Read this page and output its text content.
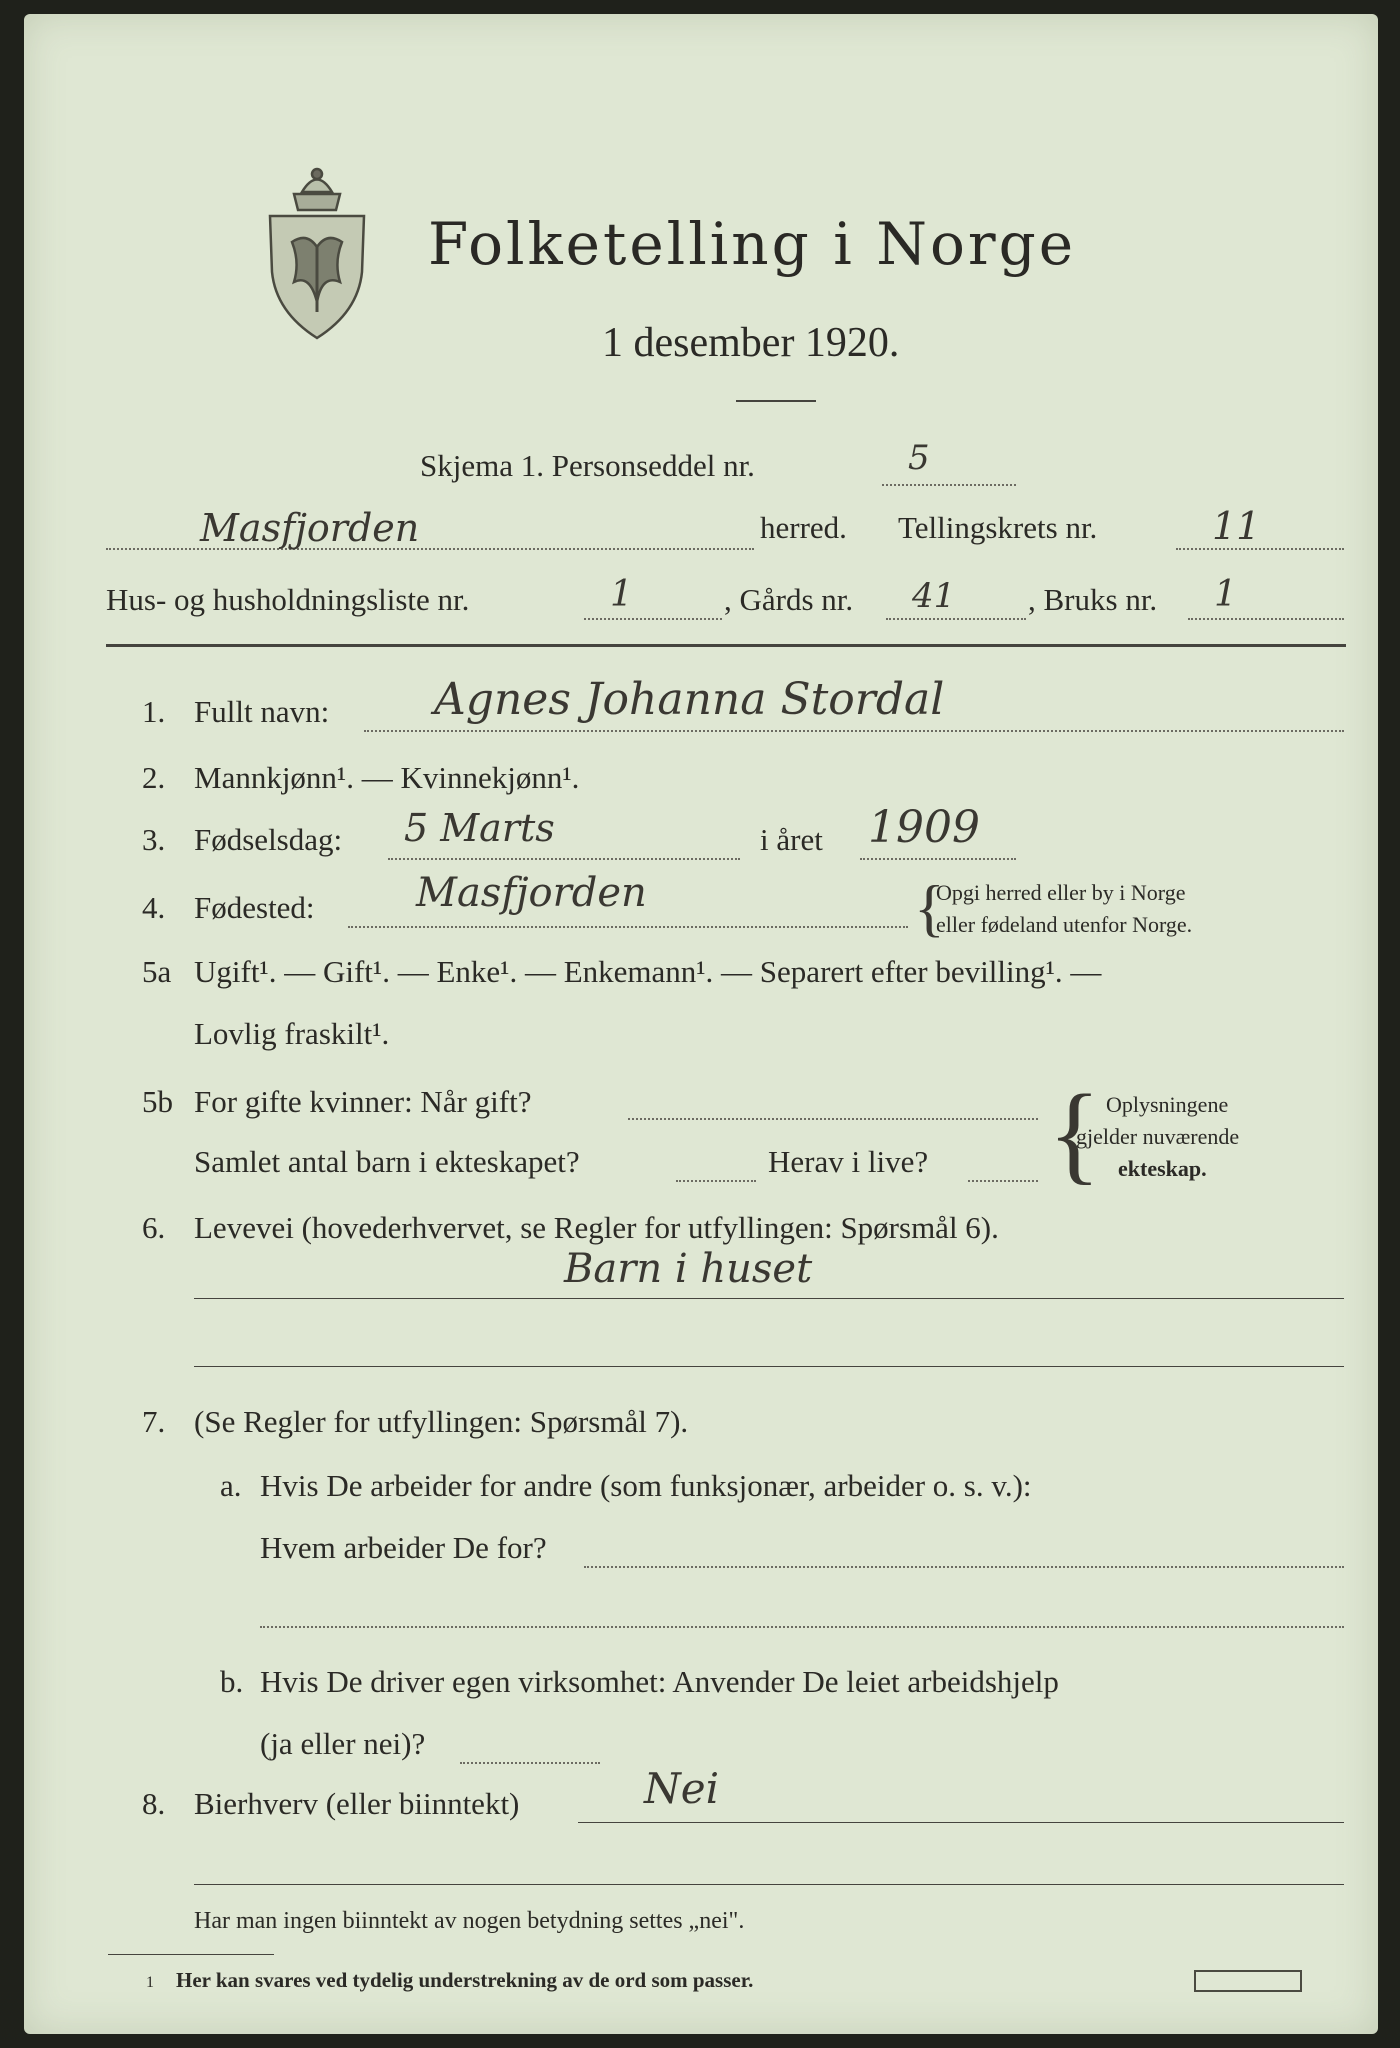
Folketelling i Norge
1 desember 1920.
Skjema 1. Personseddel nr.	5
Masfjorden	herred. Tellingskrets nr.	11
Hus- og husholdningsliste nr.	1	, Gårds nr. 41 , Bruks nr. 1
1. Fullt navn: Agnes Johanna Stordal
2. Mannkjønn¹. — Kvinnekjønn¹.
3. Fødselsdag: 5 Marts	i året 1909
4. Fødested:	Masfjorden	{
Opgi herred eller by i Norge
eller fødeland utenfor Norge.
5a Ugift¹. — Gift¹. — Enke¹. — Enkemann¹. — Separert efter bevilling¹. —
Lovlig fraskilt¹.
5b For gifte kvinner: Når gift?
Samlet antal barn i ekteskapet?	Herav i live? { Oplysningene
gjelder nuværende
ekteskap.
6. Levevei (hovederhvervet, se Regler for utfyllingen: Spørsmål 6).
Barn i huset
7. (Se Regler for utfyllingen: Spørsmål 7).
a. Hvis De arbeider for andre (som funksjonær, arbeider o. s. v.):
Hvem arbeider De for?
b. Hvis De driver egen virksomhet: Anvender De leiet arbeidshjelp
(ja eller nei)?
8. Bierhverv (eller biinntekt)	Nei
Har man ingen biinntekt av nogen betydning settes „nei".
1 Her kan svares ved tydelig understrekning av de ord som passer.
